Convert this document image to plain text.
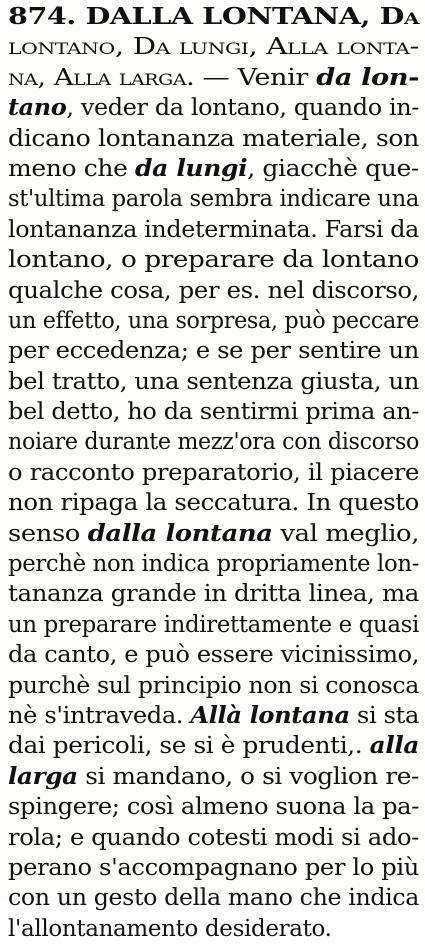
874. DALLA LONTANA, Da
lontano, Da lungi, Alla lonta-
na, Alla larga. — Venir da lon-
tano, veder da lontano, quando in-
dicano lontananza materiale, son
meno che da lungi, giacchè que-
st'ultima parola sembra indicare una
lontananza indeterminata. Farsi da
lontano, o preparare da lontano
qualche cosa, per es. nel discorso,
un effetto, una sorpresa, può peccare
per eccedenza; e se per sentire un
bel tratto, una sentenza giusta, un
bel detto, ho da sentirmi prima an-
noiare durante mezz'ora con discorso
o racconto preparatorio, il piacere
non ripaga la seccatura. In questo
senso dalla lontana val meglio,
perchè non indica propriamente lon-
tananza grande in dritta linea, ma
un preparare indirettamente e quasi
da canto, e può essere vicinissimo,
purchè sul principio non si conosca
nè s'intraveda. Allà lontana si sta
dai pericoli, se si è prudenti,. alla
larga si mandano, o si voglion re-
spingere; così almeno suona la pa-
rola; e quando cotesti modi si ado-
perano s'accompagnano per lo più
con un gesto della mano che indica
l'allontanamento desiderato.
